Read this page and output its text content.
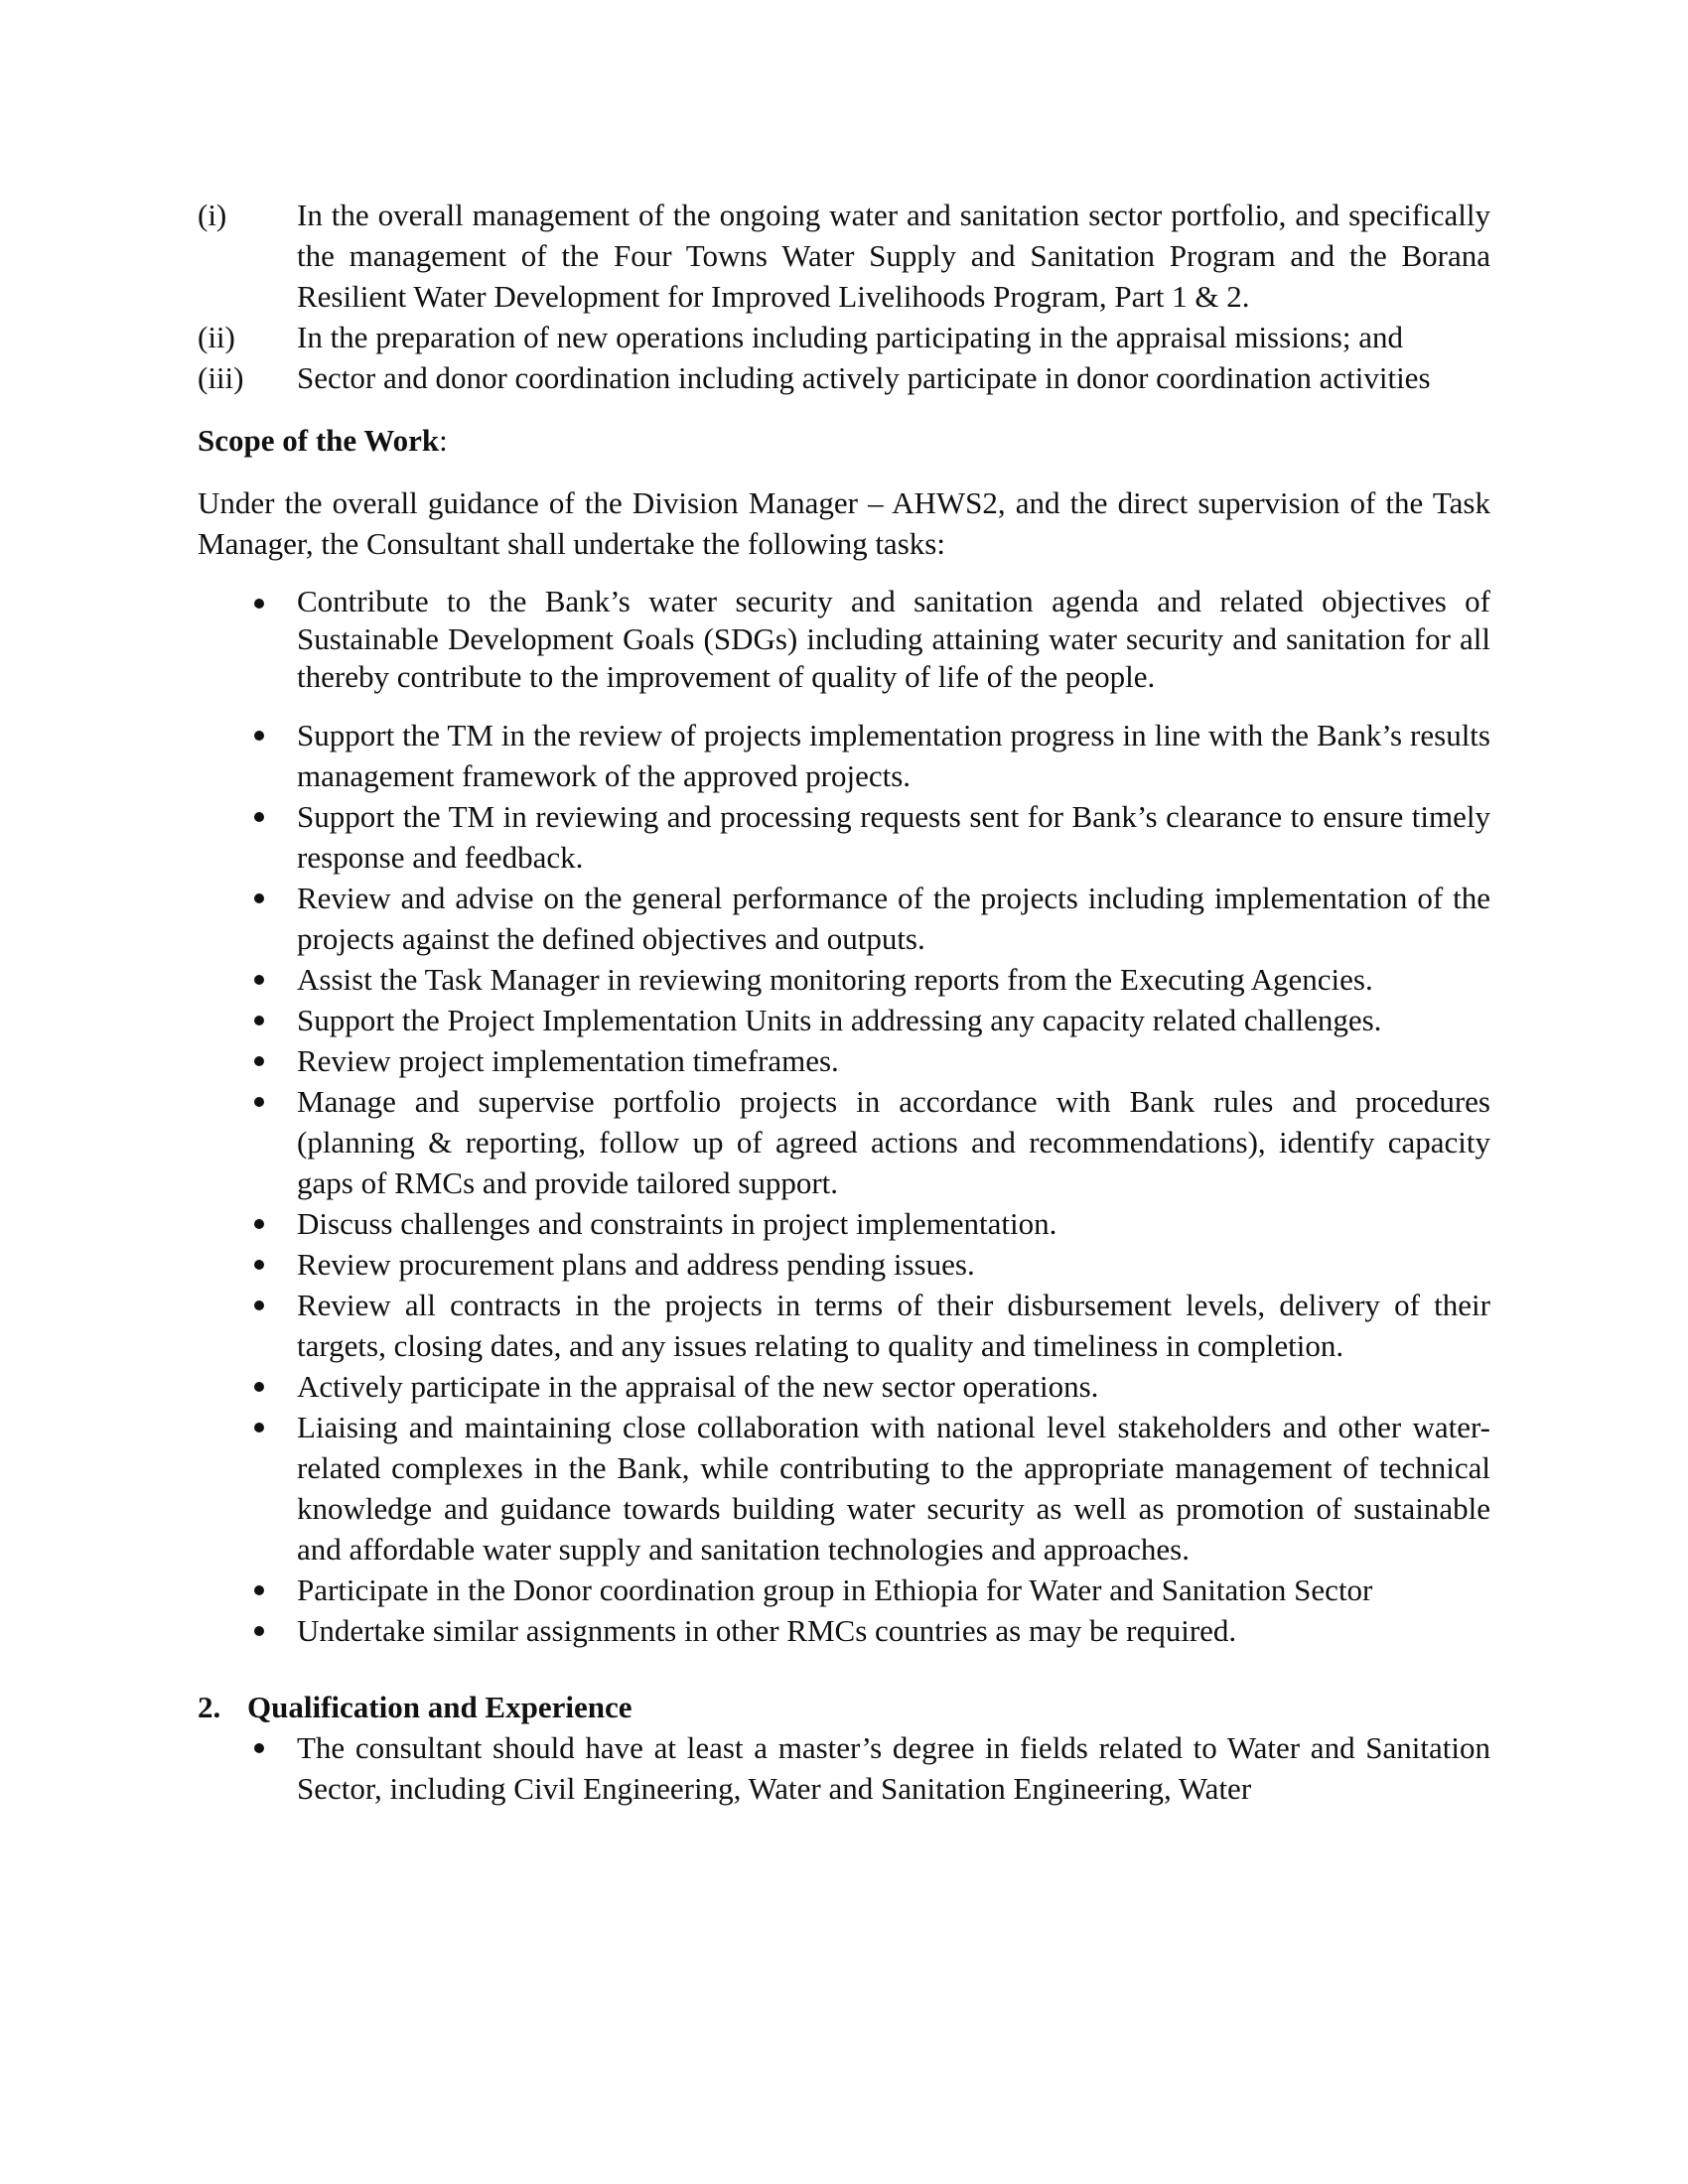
(i)	In the overall management of the ongoing water and sanitation sector portfolio, and specifically the management of the Four Towns Water Supply and Sanitation Program and the Borana Resilient Water Development for Improved Livelihoods Program, Part 1 & 2.
(ii)	In the preparation of new operations including participating in the appraisal missions; and
(iii)	Sector and donor coordination including actively participate in donor coordination activities
Scope of the Work:
Under the overall guidance of the Division Manager – AHWS2, and the direct supervision of the Task Manager, the Consultant shall undertake the following tasks:
Contribute to the Bank’s water security and sanitation agenda and related objectives of Sustainable Development Goals (SDGs) including attaining water security and sanitation for all thereby contribute to the improvement of quality of life of the people.
Support the TM in the review of projects implementation progress in line with the Bank’s results management framework of the approved projects.
Support the TM in reviewing and processing requests sent for Bank’s clearance to ensure timely response and feedback.
Review and advise on the general performance of the projects including implementation of the projects against the defined objectives and outputs.
Assist the Task Manager in reviewing monitoring reports from the Executing Agencies.
Support the Project Implementation Units in addressing any capacity related challenges.
Review project implementation timeframes.
Manage and supervise portfolio projects in accordance with Bank rules and procedures (planning & reporting, follow up of agreed actions and recommendations), identify capacity gaps of RMCs and provide tailored support.
Discuss challenges and constraints in project implementation.
Review procurement plans and address pending issues.
Review all contracts in the projects in terms of their disbursement levels, delivery of their targets, closing dates, and any issues relating to quality and timeliness in completion.
Actively participate in the appraisal of the new sector operations.
Liaising and maintaining close collaboration with national level stakeholders and other water-related complexes in the Bank, while contributing to the appropriate management of technical knowledge and guidance towards building water security as well as promotion of sustainable and affordable water supply and sanitation technologies and approaches.
Participate in the Donor coordination group in Ethiopia for Water and Sanitation Sector
Undertake similar assignments in other RMCs countries as may be required.
2. Qualification and Experience
The consultant should have at least a master’s degree in fields related to Water and Sanitation Sector, including Civil Engineering, Water and Sanitation Engineering, Water
